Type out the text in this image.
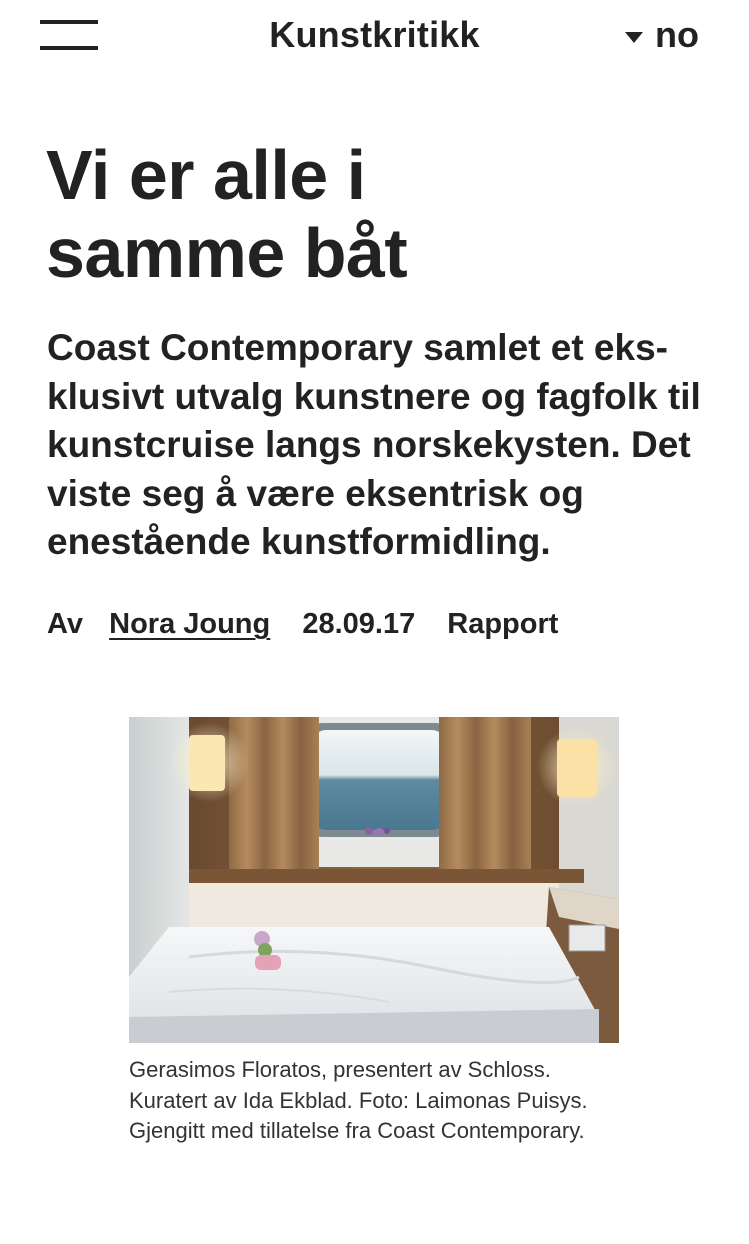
Kunstkritikk	no
Vi er alle i
samme båt

Coast Contemporary samlet et eks-klusivt utvalg kunstnere og fagfolk til kunstcruise langs norskekysten. Det viste seg å være eksentrisk og enestående kunstformidling.

Av Nora Joung 28.09.17 Rapport
Gerasimos Floratos, presentert av Schloss. Kuratert av Ida Ekblad. Foto: Laimonas Puisys. Gjengitt med tillatelse fra Coast Contemporary.
